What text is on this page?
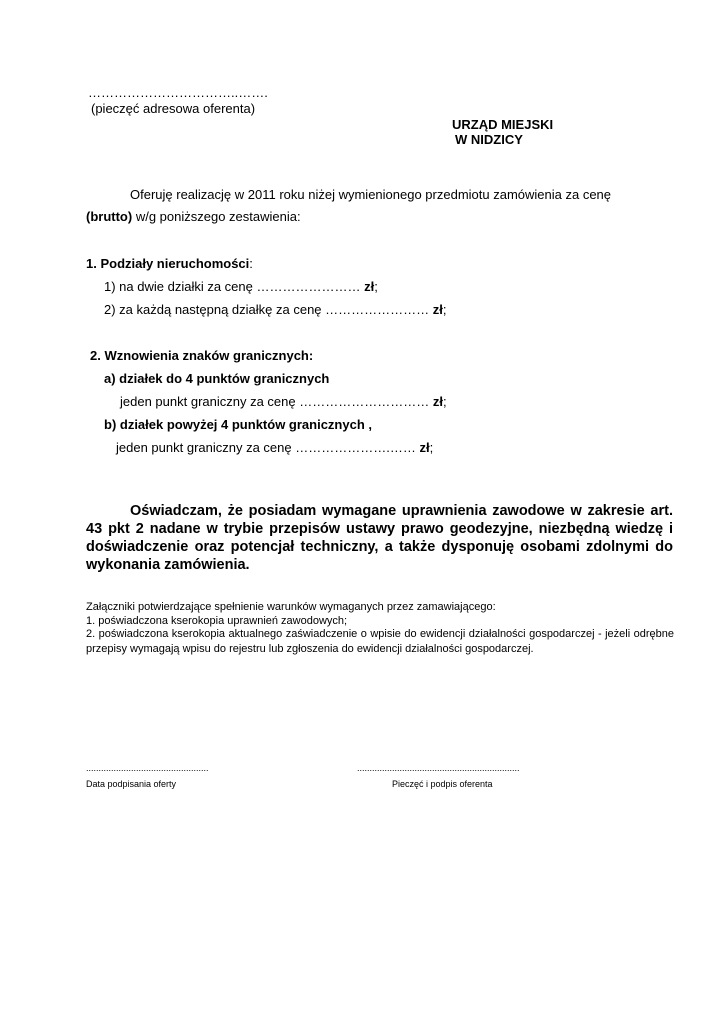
……………………………..…….
(pieczęć adresowa oferenta)
URZĄD MIEJSKI
W NIDZICY
Oferuję realizację w 2011 roku niżej wymienionego przedmiotu zamówienia za cenę
(brutto) w/g poniższego zestawienia:
1. Podziały nieruchomości:
1) na dwie działki za cenę …………………… zł;
2) za każdą następną działkę za cenę …………………… zł;
2. Wznowienia znaków granicznych:
a) działek do 4 punktów granicznych
jeden punkt graniczny za cenę ………………………… zł;
b) działek powyżej 4 punktów granicznych ,
jeden punkt graniczny za cenę ………………….…… zł;
Oświadczam, że posiadam wymagane uprawnienia zawodowe w zakresie art. 43 pkt 2 nadane w trybie przepisów ustawy prawo geodezyjne, niezbędną wiedzę i doświadczenie oraz potencjał techniczny, a także dysponuję osobami zdolnymi do wykonania zamówienia.
Załączniki potwierdzające spełnienie warunków wymaganych przez zamawiającego:
1. poświadczona kserokopia uprawnień zawodowych;
2. poświadczona kserokopia aktualnego zaświadczenie o wpisie do ewidencji działalności gospodarczej - jeżeli odrębne przepisy wymagają wpisu do rejestru lub zgłoszenia do ewidencji działalności gospodarczej.
.................................................
Data podpisania oferty
.................................................................
Pieczęć i podpis oferenta
